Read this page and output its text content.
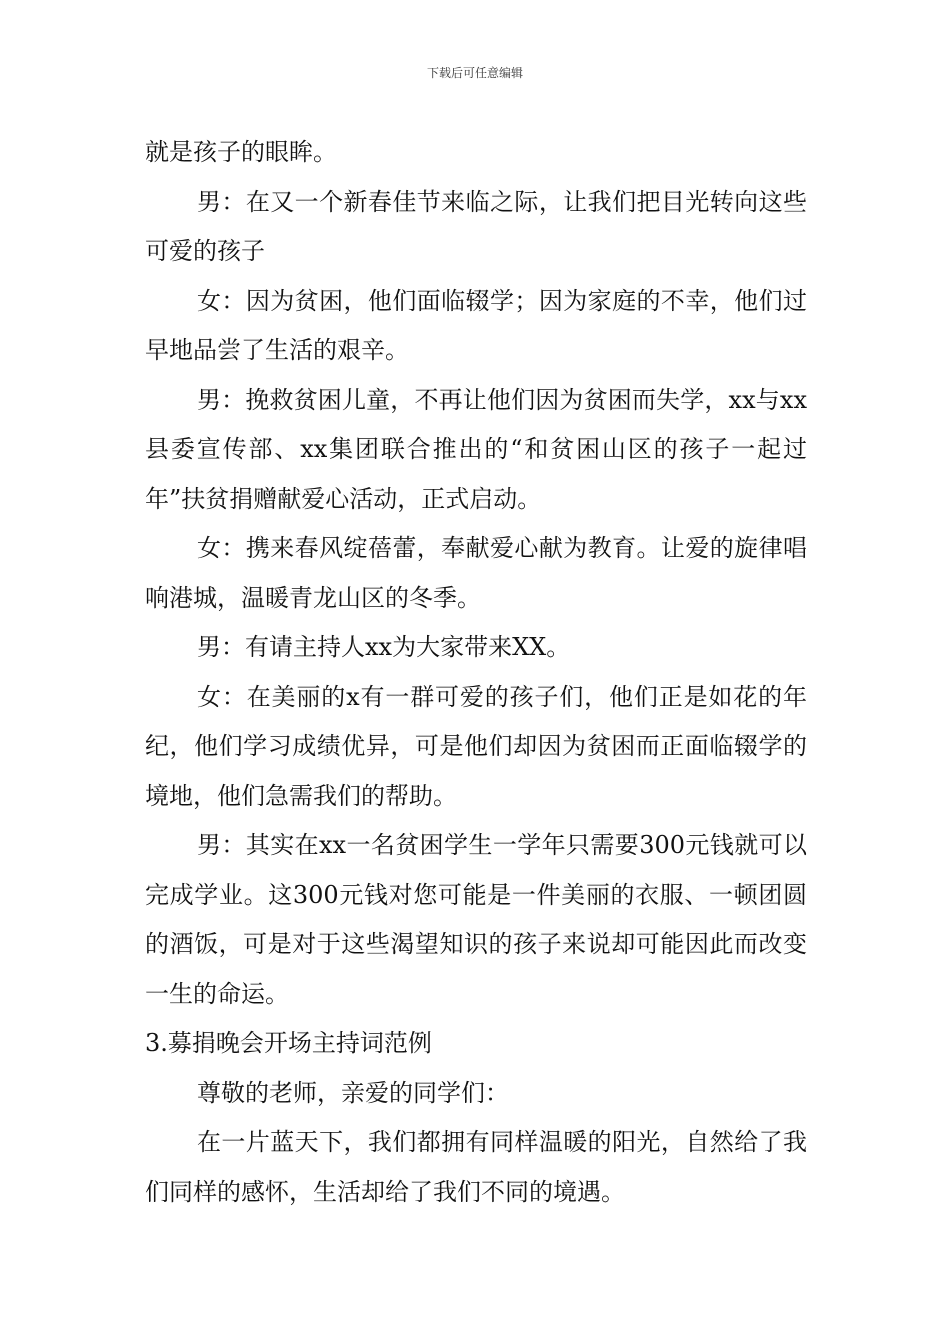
下载后可任意编辑

就是孩子的眼眸。

男：在又一个新春佳节来临之际，让我们把目光转向这些可爱的孩子

女：因为贫困，他们面临辍学；因为家庭的不幸，他们过早地品尝了生活的艰辛。

男：挽救贫困儿童，不再让他们因为贫困而失学，xx与xx县委宣传部、xx集团联合推出的“和贫困山区的孩子一起过年”扶贫捐赠献爱心活动，正式启动。

女：携来春风绽蓓蕾，奉献爱心献为教育。让爱的旋律唱响港城，温暖青龙山区的冬季。

男：有请主持人xx为大家带来XX。

女：在美丽的x有一群可爱的孩子们，他们正是如花的年纪，他们学习成绩优异，可是他们却因为贫困而正面临辍学的境地，他们急需我们的帮助。

男：其实在xx一名贫困学生一学年只需要300元钱就可以完成学业。这300元钱对您可能是一件美丽的衣服、一顿团圆的酒饭，可是对于这些渴望知识的孩子来说却可能因此而改变一生的命运。

3.募捐晚会开场主持词范例

尊敬的老师，亲爱的同学们：

在一片蓝天下，我们都拥有同样温暖的阳光，自然给了我们同样的感怀，生活却给了我们不同的境遇。
